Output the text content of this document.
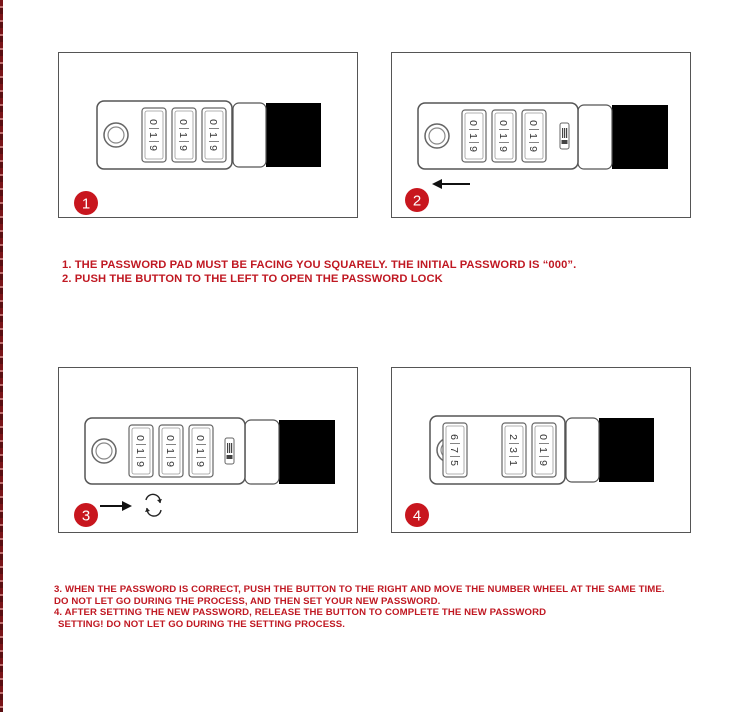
0
1
9
0
1
9
0
1
9
1
0
1
9
0
1
9
0
1
9
2
0
1
9
0
1
9
0
1
9
3
6
7
5
2
3
1
0
1
9
4

1. THE PASSWORD PAD MUST BE FACING YOU SQUARELY. THE INITIAL PASSWORD IS “000”.

2. PUSH THE BUTTON TO THE LEFT TO OPEN THE PASSWORD LOCK

3. WHEN THE PASSWORD IS CORRECT, PUSH THE BUTTON TO THE RIGHT AND MOVE THE NUMBER WHEEL AT THE SAME TIME.

DO NOT LET GO DURING THE PROCESS, AND THEN SET YOUR NEW PASSWORD.

4. AFTER SETTING THE NEW PASSWORD, RELEASE THE BUTTON TO COMPLETE THE NEW PASSWORD

SETTING! DO NOT LET GO DURING THE SETTING PROCESS.
